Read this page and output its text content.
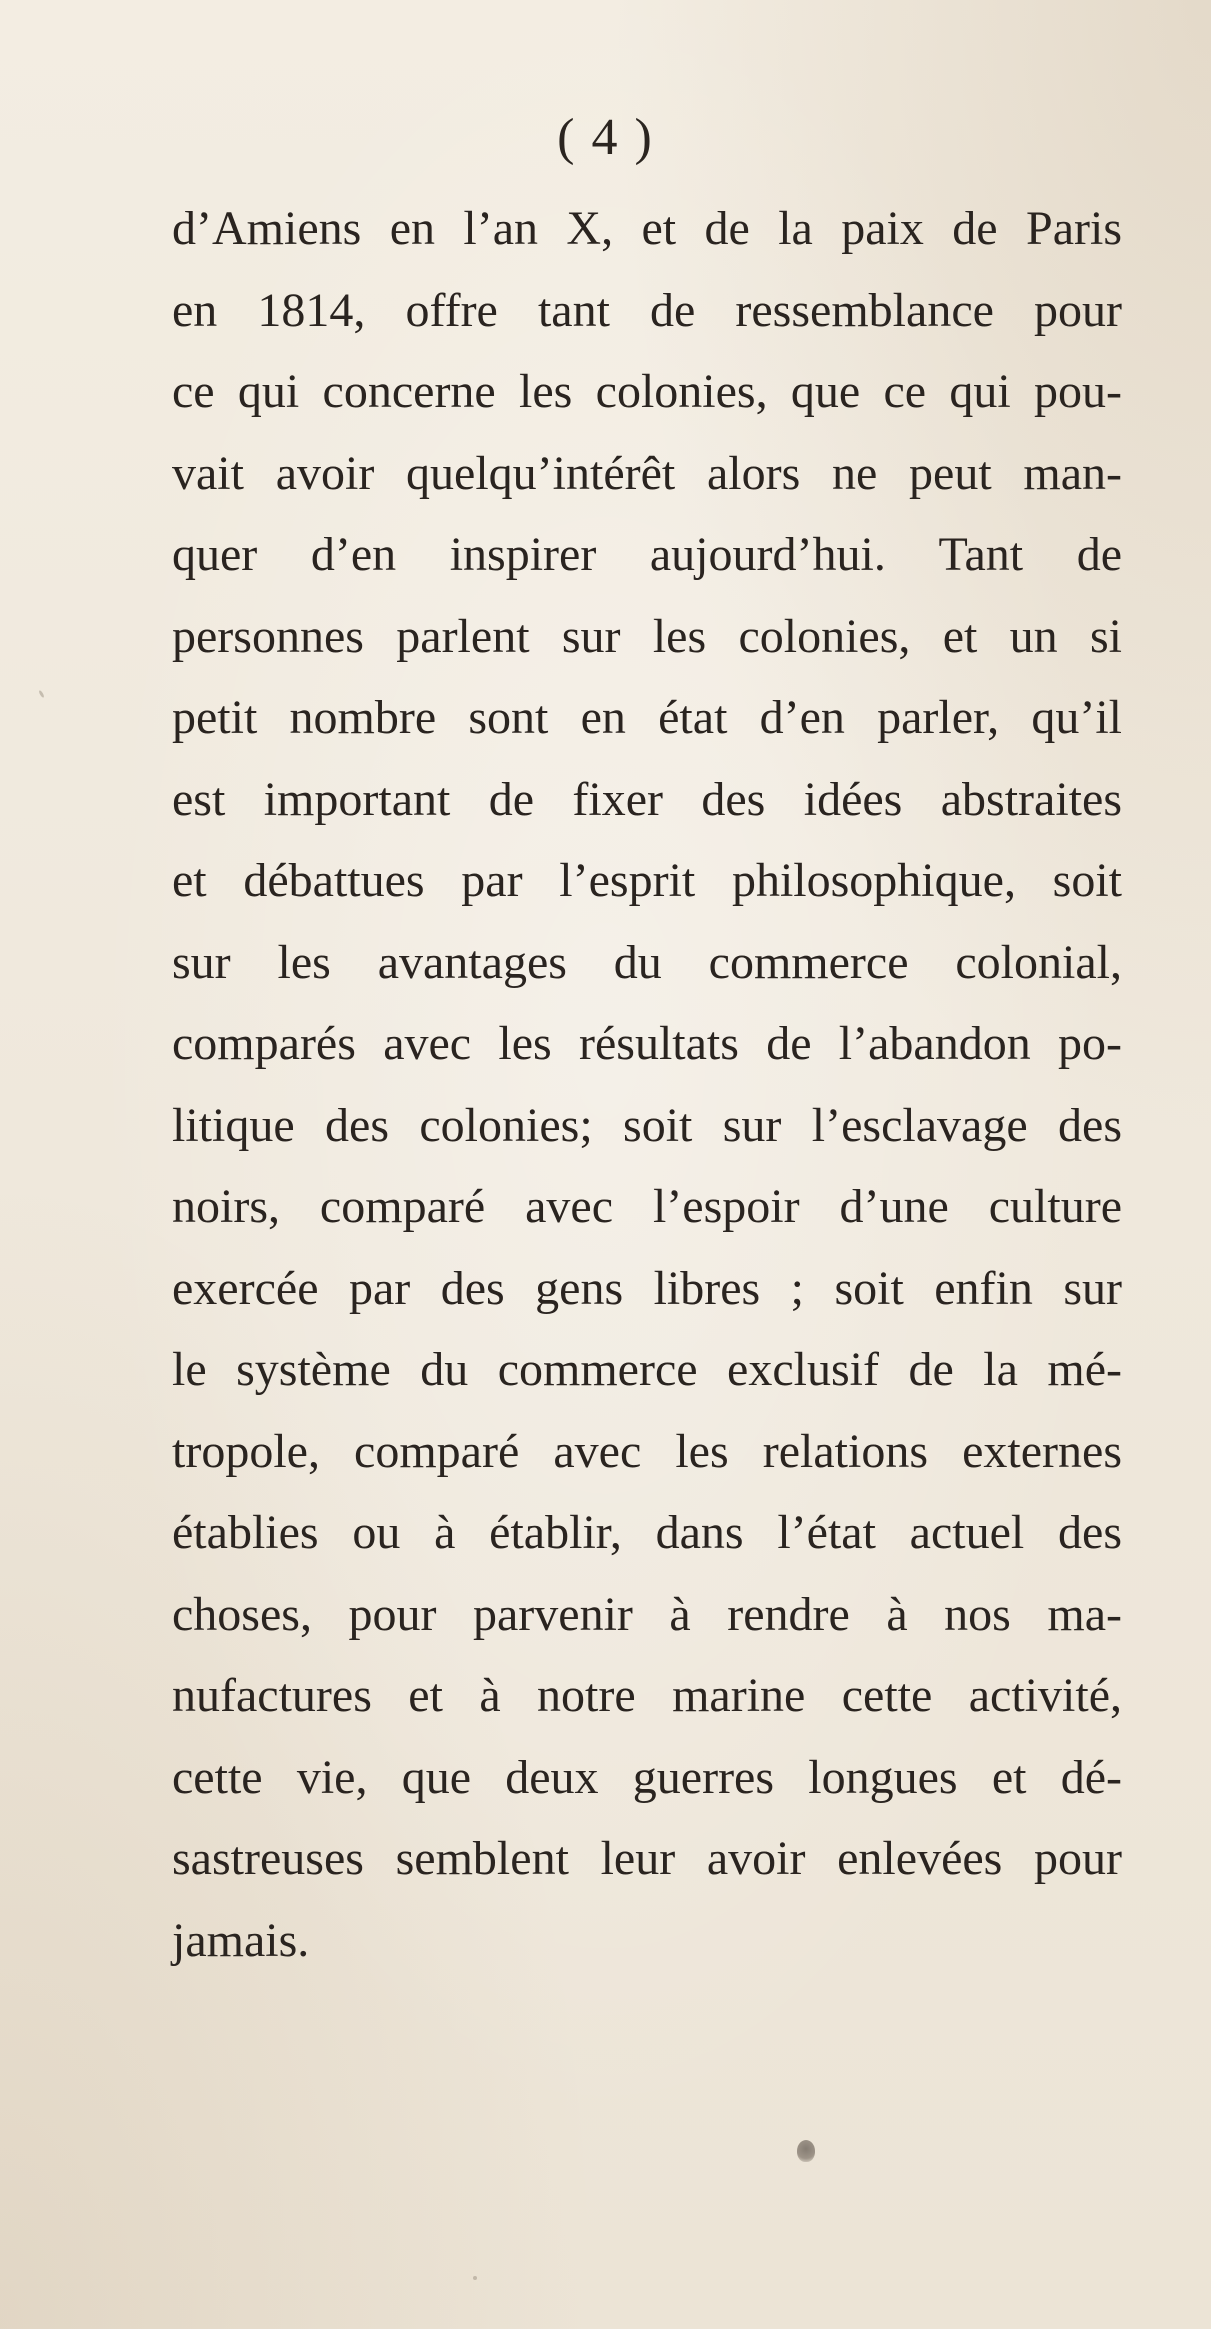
( 4 )
d’Amiens en l’an X, et de la paix de Paris
en 1814, offre tant de ressemblance pour
ce qui concerne les colonies, que ce qui pou-
vait avoir quelqu’intérêt alors ne peut man-
quer d’en inspirer aujourd’hui. Tant de
personnes parlent sur les colonies, et un si
petit nombre sont en état d’en parler, qu’il
est important de fixer des idées abstraites
et débattues par l’esprit philosophique, soit
sur les avantages du commerce colonial,
comparés avec les résultats de l’abandon po-
litique des colonies; soit sur l’esclavage des
noirs, comparé avec l’espoir d’une culture
exercée par des gens libres ; soit enfin sur
le système du commerce exclusif de la mé-
tropole, comparé avec les relations externes
établies ou à établir, dans l’état actuel des
choses, pour parvenir à rendre à nos ma-
nufactures et à notre marine cette activité,
cette vie, que deux guerres longues et dé-
sastreuses semblent leur avoir enlevées pour
jamais.
